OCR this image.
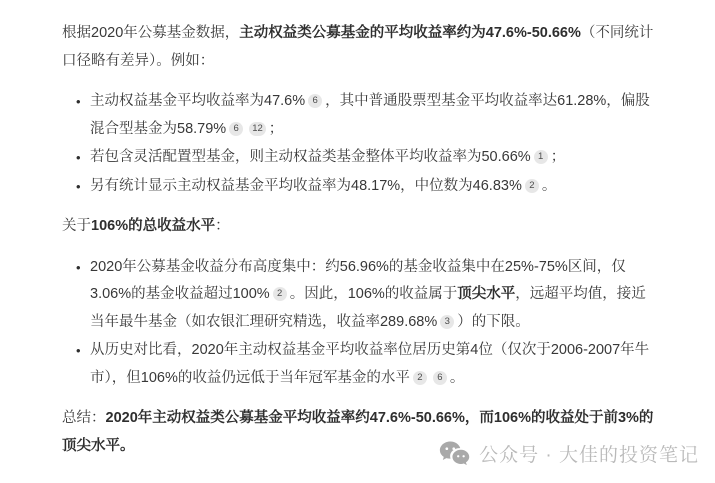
根据2020年公募基金数据，主动权益类公募基金的平均收益率约为47.6%-50.66%（不同统计口径略有差异）。例如：

• 主动权益基金平均收益率为47.6% 6 ，其中普通股票型基金平均收益率达61.28%，偏股混合型基金为58.79% 6 12 ；
• 若包含灵活配置型基金，则主动权益类基金整体平均收益率为50.66% 1 ；
• 另有统计显示主动权益基金平均收益率为48.17%，中位数为46.83% 2 。

关于106%的总收益水平：

• 2020年公募基金收益分布高度集中：约56.96%的基金收益集中在25%-75%区间，仅3.06%的基金收益超过100% 2 。因此，106%的收益属于顶尖水平，远超平均值，接近当年最牛基金（如农银汇理研究精选，收益率289.68% 3 ）的下限。
• 从历史对比看，2020年主动权益基金平均收益率位居历史第4位（仅次于2006-2007年牛市），但106%的收益仍远低于当年冠军基金的水平 2 6 。

总结：2020年主动权益类公募基金平均收益率约47.6%-50.66%，而106%的收益处于前3%的顶尖水平。	公众号 · 大佳的投资笔记
